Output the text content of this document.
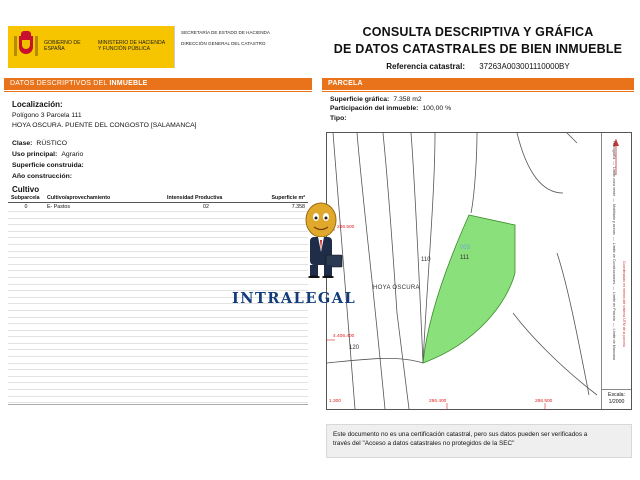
GOBIERNO DE ESPAÑA
MINISTERIO DE HACIENDA Y FUNCIÓN PÚBLICA
SECRETARÍA DE ESTADO DE HACIENDA
DIRECCIÓN GENERAL DEL CATASTRO
CONSULTA DESCRIPTIVA Y GRÁFICA
DE DATOS CATASTRALES DE BIEN INMUEBLE
Referencia catastral: 37263A003001110000BY
DATOS DESCRIPTIVOS DEL INMUEBLE
Localización:
Polígono 3 Parcela 111
HOYA OSCURA. PUENTE DEL CONGOSTO [SALAMANCA]
Clase: RÚSTICO
Uso principal: Agrario
Superficie construida:
Año construcción:
Cultivo
Subparcela	Cultivo/aprovechamiento	Intensidad Productiva	Superficie m²
0	E- Pastos	02	7.358

PARCELA
Superficie gráfica: 7.358 m2
Participación del inmueble: 100,00 %
Tipo:
003
111
110
120
HOYA OSCURA
286.500
4.406.400
1.300	286.400	286.500
Hidrografía  —  Límite zona verde  —  Mobiliario y aceras  —  Límite de Construcciones  —  Límite de Parcela  —  Límite de Manzana	Coordenadas en metros del sistema UTM de la parcela
Escala:
1/2000
Este documento no es una certificación catastral, pero sus datos pueden ser verificados a
través del "Acceso a datos catastrales no protegidos de la SEC"
INTRALEGAL
